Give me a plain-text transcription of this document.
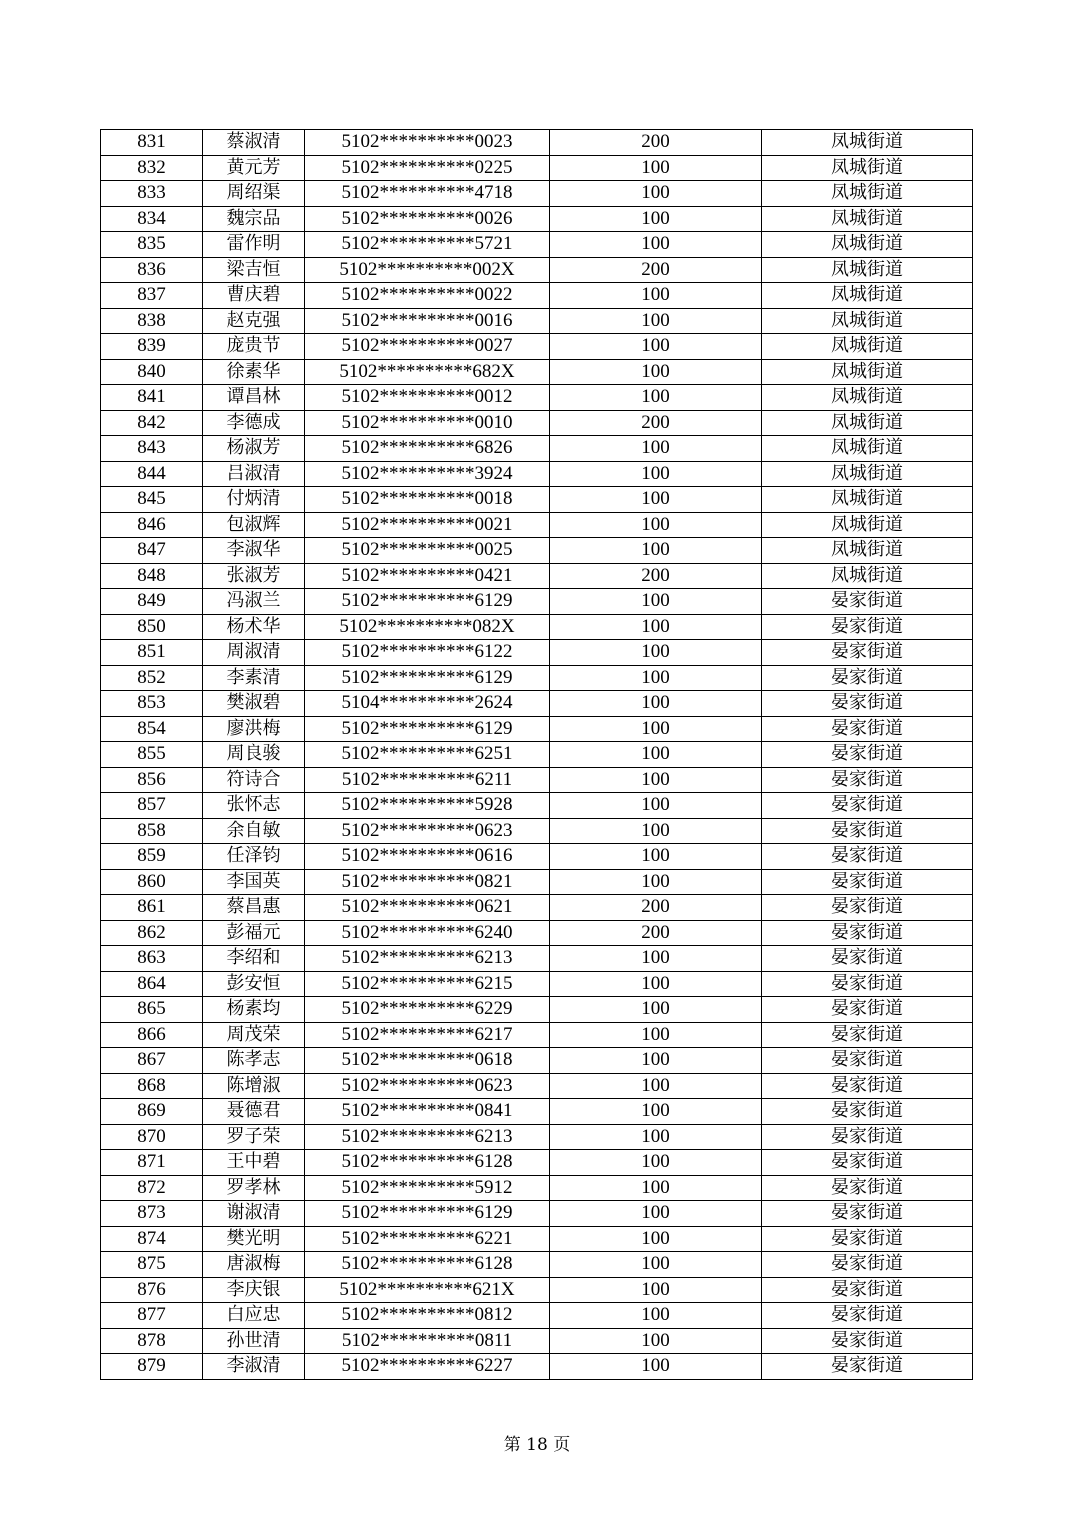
831	蔡淑清	5102**********0023	200	凤城街道
832	黄元芳	5102**********0225	100	凤城街道
833	周绍渠	5102**********4718	100	凤城街道
834	魏宗品	5102**********0026	100	凤城街道
835	雷作明	5102**********5721	100	凤城街道
836	梁吉恒	5102**********002X	200	凤城街道
837	曹庆碧	5102**********0022	100	凤城街道
838	赵克强	5102**********0016	100	凤城街道
839	庞贵节	5102**********0027	100	凤城街道
840	徐素华	5102**********682X	100	凤城街道
841	谭昌林	5102**********0012	100	凤城街道
842	李德成	5102**********0010	200	凤城街道
843	杨淑芳	5102**********6826	100	凤城街道
844	吕淑清	5102**********3924	100	凤城街道
845	付炳清	5102**********0018	100	凤城街道
846	包淑辉	5102**********0021	100	凤城街道
847	李淑华	5102**********0025	100	凤城街道
848	张淑芳	5102**********0421	200	凤城街道
849	冯淑兰	5102**********6129	100	晏家街道
850	杨术华	5102**********082X	100	晏家街道
851	周淑清	5102**********6122	100	晏家街道
852	李素清	5102**********6129	100	晏家街道
853	樊淑碧	5104**********2624	100	晏家街道
854	廖洪梅	5102**********6129	100	晏家街道
855	周良骏	5102**********6251	100	晏家街道
856	符诗合	5102**********6211	100	晏家街道
857	张怀志	5102**********5928	100	晏家街道
858	余自敏	5102**********0623	100	晏家街道
859	任泽钧	5102**********0616	100	晏家街道
860	李国英	5102**********0821	100	晏家街道
861	蔡昌惠	5102**********0621	200	晏家街道
862	彭福元	5102**********6240	200	晏家街道
863	李绍和	5102**********6213	100	晏家街道
864	彭安恒	5102**********6215	100	晏家街道
865	杨素均	5102**********6229	100	晏家街道
866	周茂荣	5102**********6217	100	晏家街道
867	陈孝志	5102**********0618	100	晏家街道
868	陈增淑	5102**********0623	100	晏家街道
869	聂德君	5102**********0841	100	晏家街道
870	罗子荣	5102**********6213	100	晏家街道
871	王中碧	5102**********6128	100	晏家街道
872	罗孝林	5102**********5912	100	晏家街道
873	谢淑清	5102**********6129	100	晏家街道
874	樊光明	5102**********6221	100	晏家街道
875	唐淑梅	5102**********6128	100	晏家街道
876	李庆银	5102**********621X	100	晏家街道
877	白应忠	5102**********0812	100	晏家街道
878	孙世清	5102**********0811	100	晏家街道
879	李淑清	5102**********6227	100	晏家街道
第 18 页
